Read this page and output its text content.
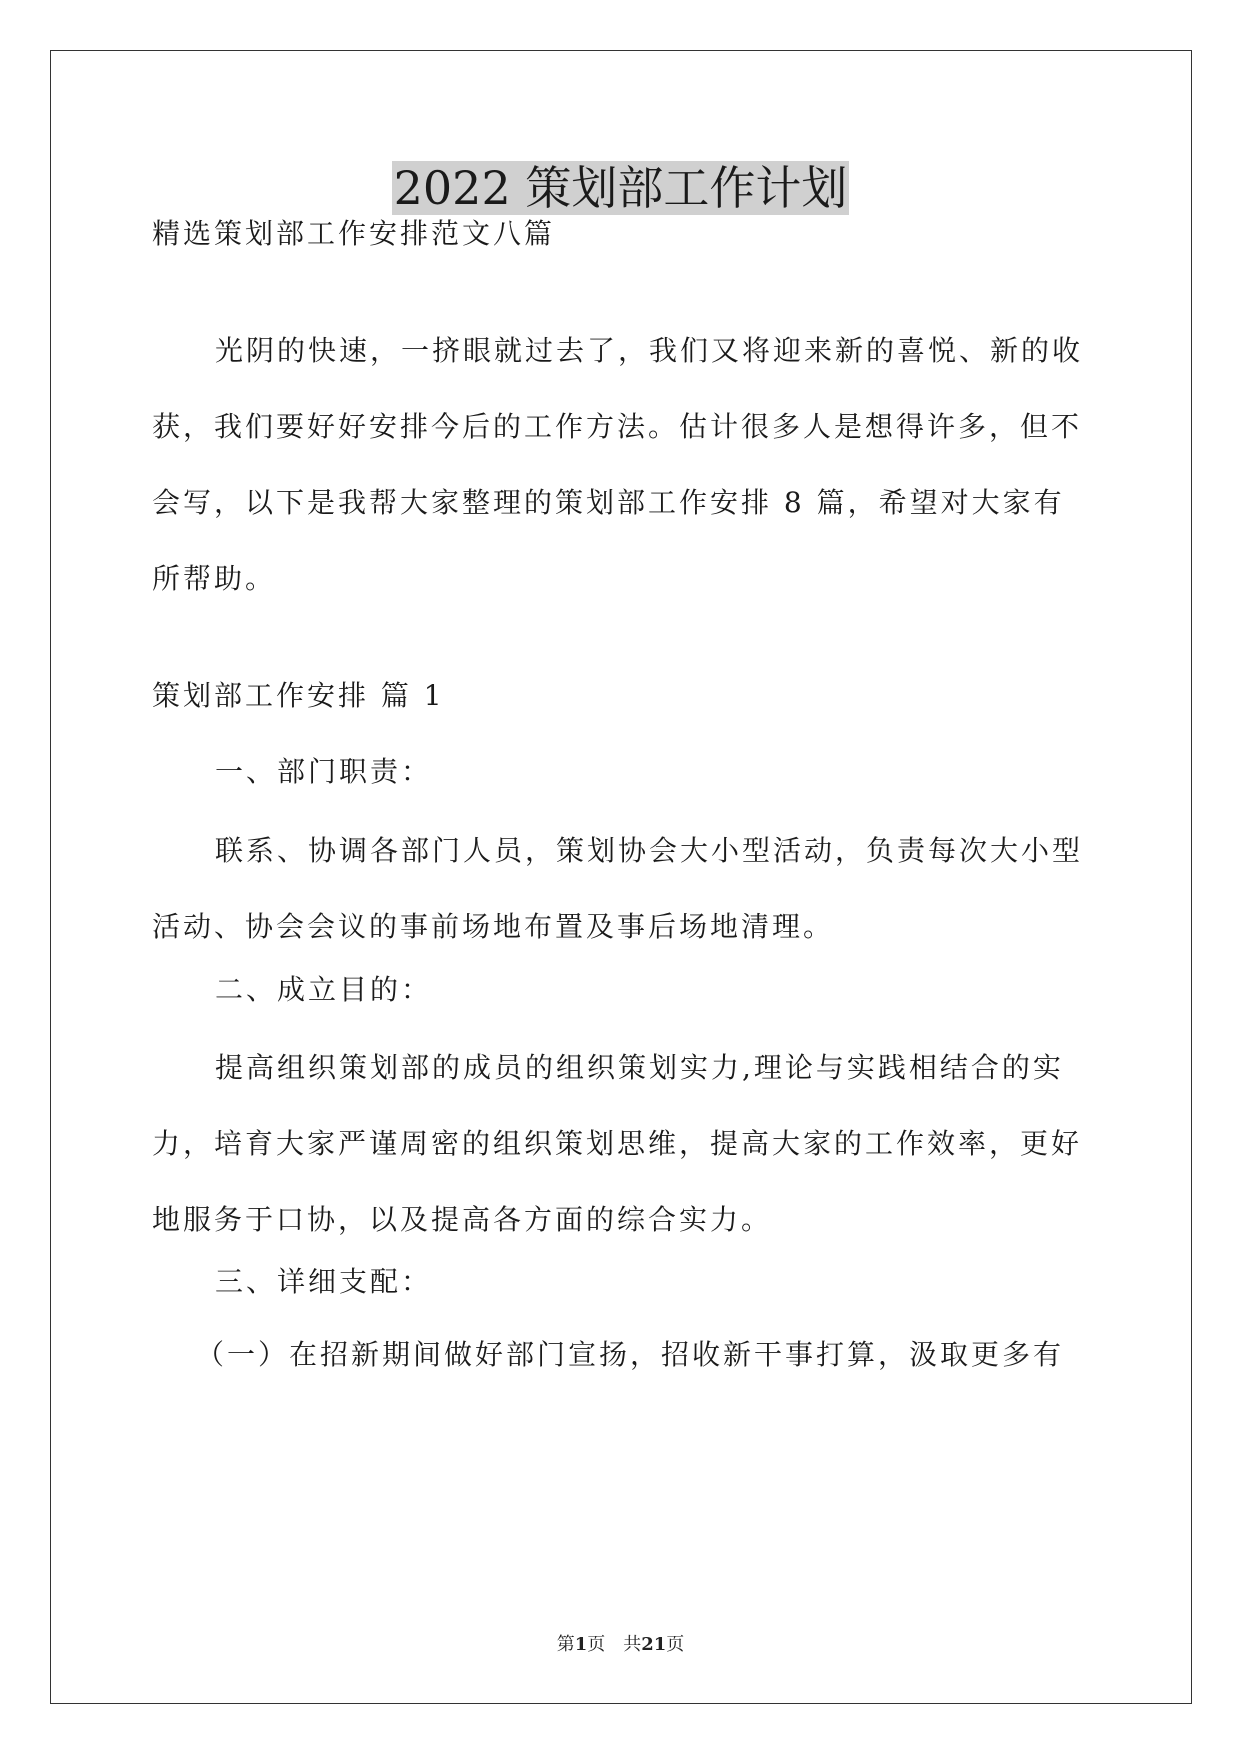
2022 策划部工作计划

精选策划部工作安排范文八篇

光阴的快速，一挤眼就过去了，我们又将迎来新的喜悦、新的收获，我们要好好安排今后的工作方法。估计很多人是想得许多，但不会写，以下是我帮大家整理的策划部工作安排 8 篇，希望对大家有所帮助。

策划部工作安排 篇 1

一、部门职责：

联系、协调各部门人员，策划协会大小型活动，负责每次大小型活动、协会会议的事前场地布置及事后场地清理。

二、成立目的：

提高组织策划部的成员的组织策划实力,理论与实践相结合的实力，培育大家严谨周密的组织策划思维，提高大家的工作效率，更好地服务于口协，以及提高各方面的综合实力。

三、详细支配：

（一）在招新期间做好部门宣扬，招收新干事打算，汲取更多有

第1页　共21页
